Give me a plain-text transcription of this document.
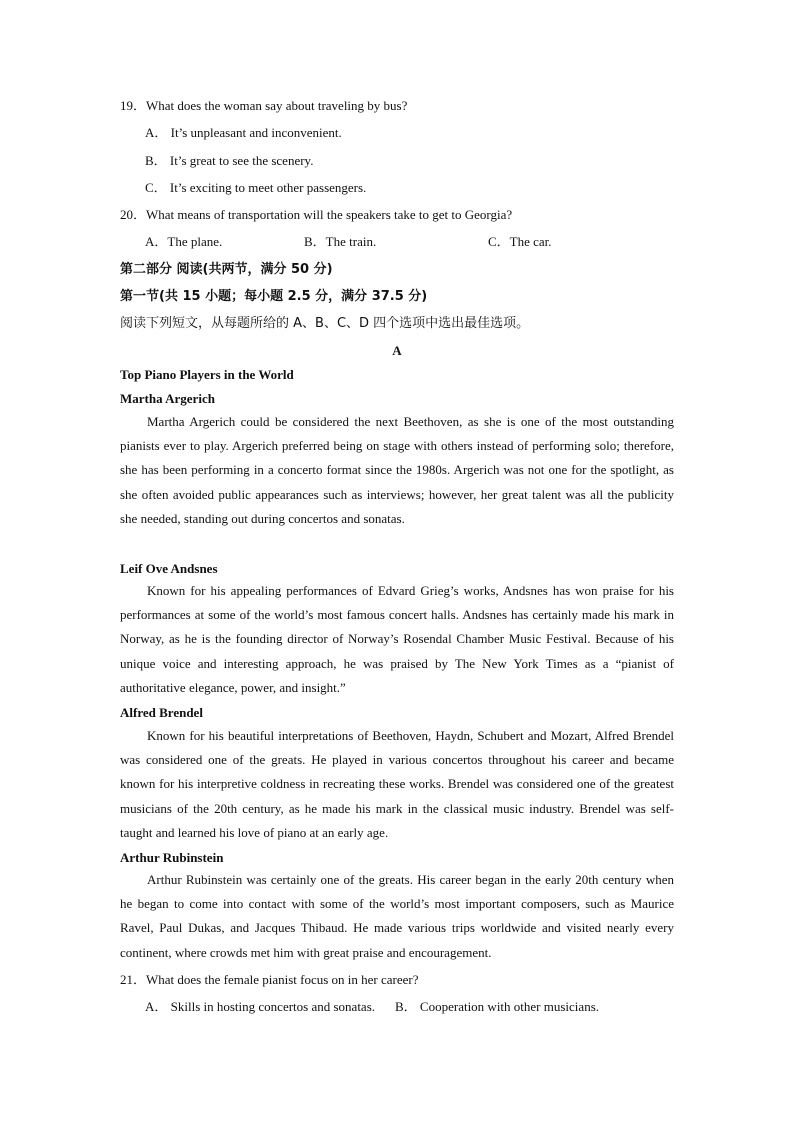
19．What does the woman say about traveling by bus?
A． It’s unpleasant and inconvenient.
B． It’s great to see the scenery.
C． It’s exciting to meet other passengers.
20．What means of transportation will the speakers take to get to Georgia?
A．The plane.	B．The train.	C．The car.
第二部分 阅读(共两节，满分 50 分)
第一节(共 15 小题；每小题 2.5 分，满分 37.5 分)
阅读下列短文，从每题所给的 A、B、C、D 四个选项中选出最佳选项。
A
Top Piano Players in the World
Martha Argerich

Martha Argerich could be considered the next Beethoven, as she is one of the most outstanding pianists ever to play. Argerich preferred being on stage with others instead of performing solo; therefore, she has been performing in a concerto format since the 1980s. Argerich was not one for the spotlight, as she often avoided public appearances such as interviews; however, her great talent was all the publicity she needed, standing out during concertos and sonatas.

Leif Ove Andsnes

Known for his appealing performances of Edvard Grieg’s works, Andsnes has won praise for his performances at some of the world’s most famous concert halls. Andsnes has certainly made his mark in Norway, as he is the founding director of Norway’s Rosendal Chamber Music Festival. Because of his unique voice and interesting approach, he was praised by The New York Times as a “pianist of authoritative elegance, power, and insight.”

Alfred Brendel

Known for his beautiful interpretations of Beethoven, Haydn, Schubert and Mozart, Alfred Brendel was considered one of the greats. He played in various concertos throughout his career and became known for his interpretive coldness in recreating these works. Brendel was considered one of the greatest musicians of the 20th century, as he made his mark in the classical music industry. Brendel was self-taught and learned his love of piano at an early age.

Arthur Rubinstein

Arthur Rubinstein was certainly one of the greats. His career began in the early 20th century when he began to come into contact with some of the world’s most important composers, such as Maurice Ravel, Paul Dukas, and Jacques Thibaud. He made various trips worldwide and visited nearly every continent, where crowds met him with great praise and encouragement.

21．What does the female pianist focus on in her career?
A． Skills in hosting concertos and sonatas. B． Cooperation with other musicians.
